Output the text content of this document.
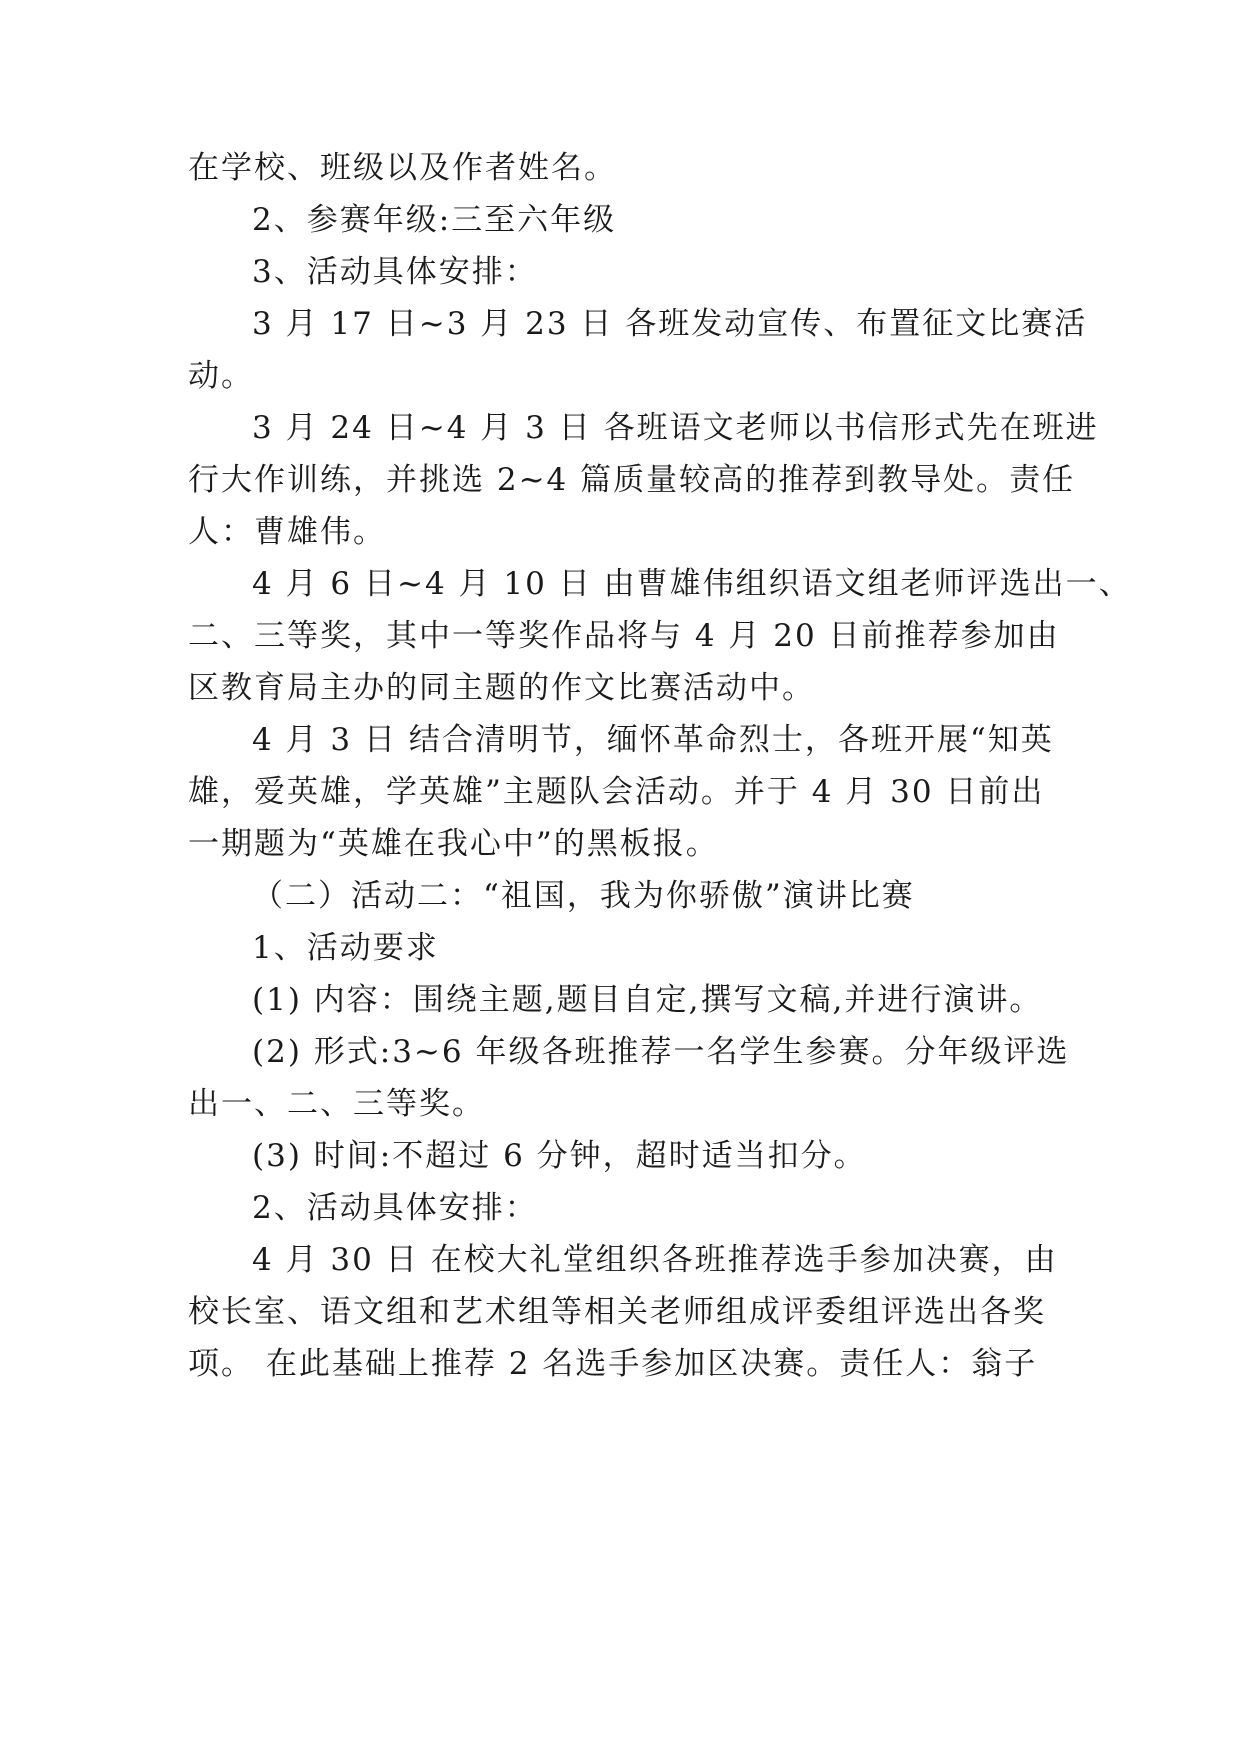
在学校、班级以及作者姓名。
2、参赛年级:三至六年级
3、活动具体安排：
3 月 17 日~3 月 23 日 各班发动宣传、布置征文比赛活
动。
3 月 24 日~4 月 3 日 各班语文老师以书信形式先在班进
行大作训练，并挑选 2~4 篇质量较高的推荐到教导处。责任
人：曹雄伟。
4 月 6 日~4 月 10 日 由曹雄伟组织语文组老师评选出一、
二、三等奖，其中一等奖作品将与 4 月 20 日前推荐参加由
区教育局主办的同主题的作文比赛活动中。
4 月 3 日 结合清明节，缅怀革命烈士，各班开展“知英
雄，爱英雄，学英雄”主题队会活动。并于 4 月 30 日前出
一期题为“英雄在我心中”的黑板报。
（二）活动二：“祖国，我为你骄傲”演讲比赛
1、活动要求
(1) 内容：围绕主题,题目自定,撰写文稿,并进行演讲。
(2) 形式:3~6 年级各班推荐一名学生参赛。分年级评选
出一、二、三等奖。
(3) 时间:不超过 6 分钟，超时适当扣分。
2、活动具体安排：
4 月 30 日 在校大礼堂组织各班推荐选手参加决赛，由
校长室、语文组和艺术组等相关老师组成评委组评选出各奖
项。 在此基础上推荐 2 名选手参加区决赛。责任人：翁子
